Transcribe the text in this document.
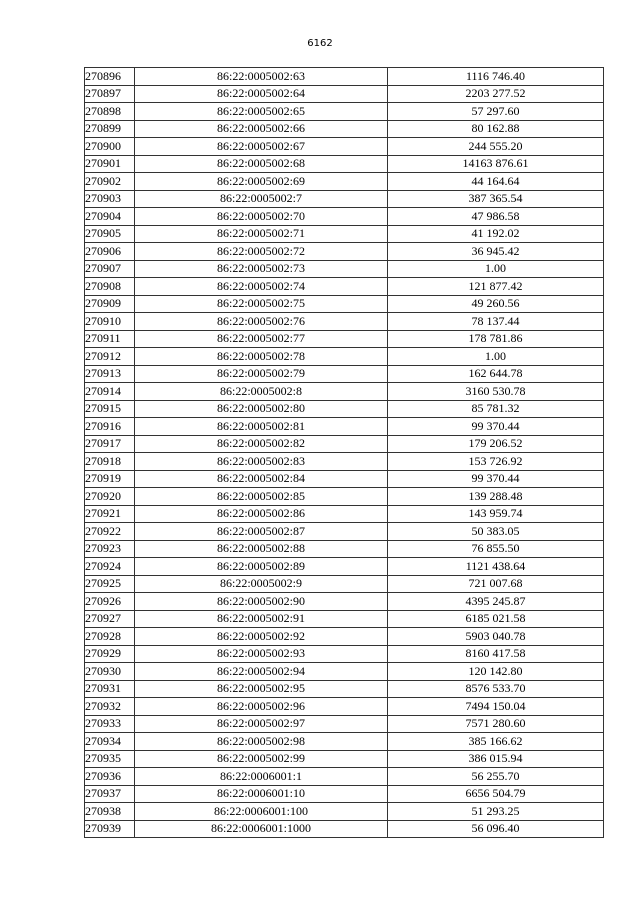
6162
270896	86:22:0005002:63	1116 746.40
270897	86:22:0005002:64	2203 277.52
270898	86:22:0005002:65	57 297.60
270899	86:22:0005002:66	80 162.88
270900	86:22:0005002:67	244 555.20
270901	86:22:0005002:68	14163 876.61
270902	86:22:0005002:69	44 164.64
270903	86:22:0005002:7	387 365.54
270904	86:22:0005002:70	47 986.58
270905	86:22:0005002:71	41 192.02
270906	86:22:0005002:72	36 945.42
270907	86:22:0005002:73	1.00
270908	86:22:0005002:74	121 877.42
270909	86:22:0005002:75	49 260.56
270910	86:22:0005002:76	78 137.44
270911	86:22:0005002:77	178 781.86
270912	86:22:0005002:78	1.00
270913	86:22:0005002:79	162 644.78
270914	86:22:0005002:8	3160 530.78
270915	86:22:0005002:80	85 781.32
270916	86:22:0005002:81	99 370.44
270917	86:22:0005002:82	179 206.52
270918	86:22:0005002:83	153 726.92
270919	86:22:0005002:84	99 370.44
270920	86:22:0005002:85	139 288.48
270921	86:22:0005002:86	143 959.74
270922	86:22:0005002:87	50 383.05
270923	86:22:0005002:88	76 855.50
270924	86:22:0005002:89	1121 438.64
270925	86:22:0005002:9	721 007.68
270926	86:22:0005002:90	4395 245.87
270927	86:22:0005002:91	6185 021.58
270928	86:22:0005002:92	5903 040.78
270929	86:22:0005002:93	8160 417.58
270930	86:22:0005002:94	120 142.80
270931	86:22:0005002:95	8576 533.70
270932	86:22:0005002:96	7494 150.04
270933	86:22:0005002:97	7571 280.60
270934	86:22:0005002:98	385 166.62
270935	86:22:0005002:99	386 015.94
270936	86:22:0006001:1	56 255.70
270937	86:22:0006001:10	6656 504.79
270938	86:22:0006001:100	51 293.25
270939	86:22:0006001:1000	56 096.40
